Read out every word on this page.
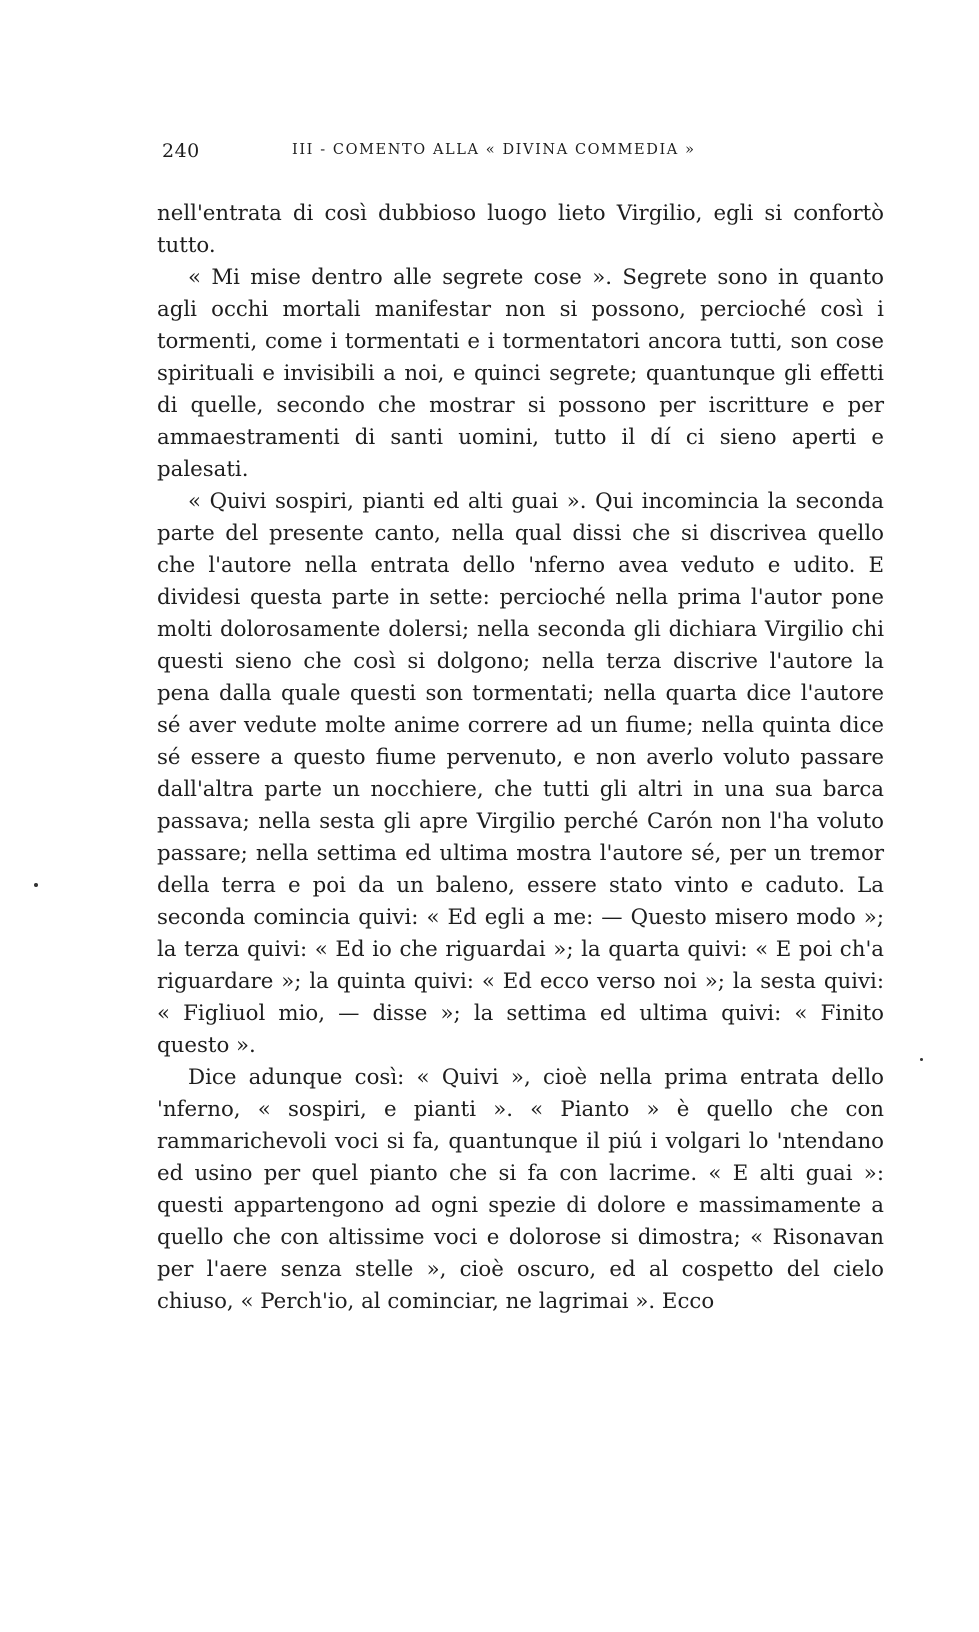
240	III - COMENTO ALLA « DIVINA COMMEDIA »

nell'entrata di così dubbioso luogo lieto Virgilio, egli si confortò tutto.

« Mi mise dentro alle segrete cose ». Segrete sono in quanto agli occhi mortali manifestar non si possono, percioché così i tormenti, come i tormentati e i tormentatori ancora tutti, son cose spirituali e invisibili a noi, e quinci segrete; quantunque gli effetti di quelle, secondo che mostrar si possono per iscritture e per ammaestramenti di santi uomini, tutto il dí ci sieno aperti e palesati.

« Quivi sospiri, pianti ed alti guai ». Qui incomincia la seconda parte del presente canto, nella qual dissi che si discrivea quello che l'autore nella entrata dello 'nferno avea veduto e udito. E dividesi questa parte in sette: percioché nella prima l'autor pone molti dolorosamente dolersi; nella seconda gli dichiara Virgilio chi questi sieno che così si dolgono; nella terza discrive l'autore la pena dalla quale questi son tormentati; nella quarta dice l'autore sé aver vedute molte anime correre ad un fiume; nella quinta dice sé essere a questo fiume pervenuto, e non averlo voluto passare dall'altra parte un nocchiere, che tutti gli altri in una sua barca passava; nella sesta gli apre Virgilio perché Carón non l'ha voluto passare; nella settima ed ultima mostra l'autore sé, per un tremor della terra e poi da un baleno, essere stato vinto e caduto. La seconda comincia quivi: « Ed egli a me: — Questo misero modo »; la terza quivi: « Ed io che riguardai »; la quarta quivi: « E poi ch'a riguardare »; la quinta quivi: « Ed ecco verso noi »; la sesta quivi: « Figliuol mio, — disse »; la settima ed ultima quivi: « Finito questo ».

Dice adunque così: « Quivi », cioè nella prima entrata dello 'nferno, « sospiri, e pianti ». « Pianto » è quello che con rammarichevoli voci si fa, quantunque il piú i volgari lo 'ntendano ed usino per quel pianto che si fa con lacrime. « E alti guai »: questi appartengono ad ogni spezie di dolore e massimamente a quello che con altissime voci e dolorose si dimostra; « Risonavan per l'aere senza stelle », cioè oscuro, ed al cospetto del cielo chiuso, « Perch'io, al cominciar, ne lagrimai ». Ecco
